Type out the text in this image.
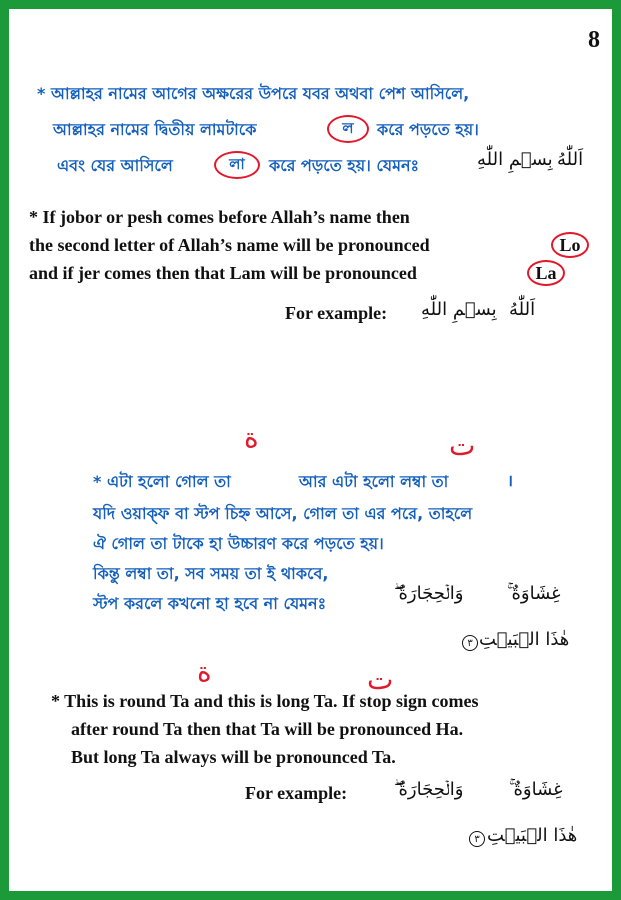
8
* আল্লাহর নামের আগের অক্ষরের উপরে যবর অথবা পেশ আসিলে,
আল্লাহর নামের দ্বিতীয় লামটাকে	ল	করে পড়তে হয়।
এবং যের আসিলে	লা	করে পড়তে হয়। যেমনঃ	بِسۡمِ اللّٰهِ اَللّٰهُ
* If jobor or pesh comes before Allah’s name then
the second letter of Allah’s name will be pronounced	Lo
and if jer comes then that Lam will be pronounced	La
For example: بِسۡمِ اللّٰهِ اَللّٰهُ
ة	ت
* এটা হলো গোল তা	আর এটা হলো লম্বা তা	।
যদি ওয়াক্‌ফ বা স্টপ চিহ্ন আসে, গোল তা এর পরে, তাহলে
ঐ গোল তা টাকে হা উচ্চারণ করে পড়তে হয়।
কিন্তু লম্বা তা, সব সময় তা ই থাকবে,
স্টপ করলে কখনো হা হবে না যেমনঃ	وَالۡحِجَارَةُ ۖ غِشَاوَةٌ ۚ
هٰذَا الۡبَيۡتِ
٣
ة	ت
* This is round Ta and this is long Ta. If stop sign comes
after round Ta then that Ta will be pronounced Ha.
But long Ta always will be pronounced Ta.
For example:	وَالۡحِجَارَةُ ۖ	غِشَاوَةٌ ۚ
هٰذَا الۡبَيۡتِ
٣
